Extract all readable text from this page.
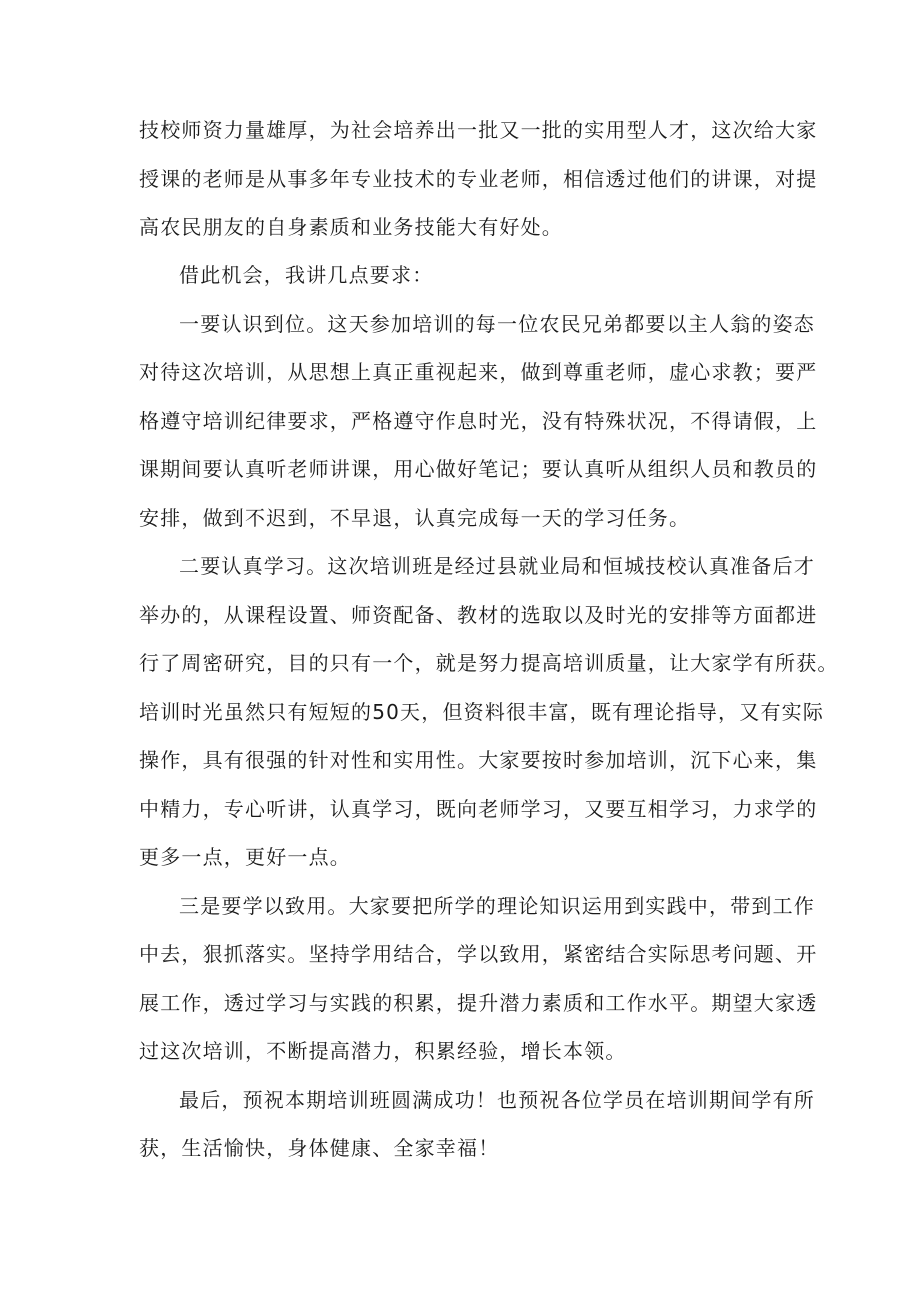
技校师资力量雄厚，为社会培养出一批又一批的实用型人才，这次给大家
授课的老师是从事多年专业技术的专业老师，相信透过他们的讲课，对提
高农民朋友的自身素质和业务技能大有好处。
借此机会，我讲几点要求：
一要认识到位。这天参加培训的每一位农民兄弟都要以主人翁的姿态
对待这次培训，从思想上真正重视起来，做到尊重老师，虚心求教；要严
格遵守培训纪律要求，严格遵守作息时光，没有特殊状况，不得请假，上
课期间要认真听老师讲课，用心做好笔记；要认真听从组织人员和教员的
安排，做到不迟到，不早退，认真完成每一天的学习任务。
二要认真学习。这次培训班是经过县就业局和恒城技校认真准备后才
举办的，从课程设置、师资配备、教材的选取以及时光的安排等方面都进
行了周密研究，目的只有一个，就是努力提高培训质量，让大家学有所获。
培训时光虽然只有短短的50天，但资料很丰富，既有理论指导，又有实际
操作，具有很强的针对性和实用性。大家要按时参加培训，沉下心来，集
中精力，专心听讲，认真学习，既向老师学习，又要互相学习，力求学的
更多一点，更好一点。
三是要学以致用。大家要把所学的理论知识运用到实践中，带到工作
中去，狠抓落实。坚持学用结合，学以致用，紧密结合实际思考问题、开
展工作，透过学习与实践的积累，提升潜力素质和工作水平。期望大家透
过这次培训，不断提高潜力，积累经验，增长本领。
最后，预祝本期培训班圆满成功！也预祝各位学员在培训期间学有所
获，生活愉快，身体健康、全家幸福！
